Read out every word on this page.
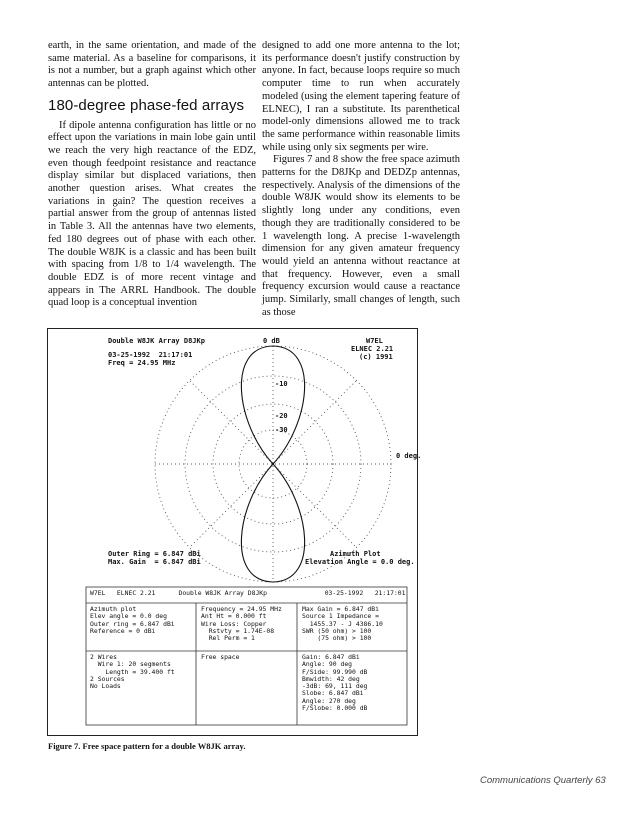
earth, in the same orientation, and made of the same material. As a baseline for comparisons, it is not a number, but a graph against which other antennas can be plotted.

180-degree phase-fed arrays

If dipole antenna configuration has little or no effect upon the variations in main lobe gain until we reach the very high reactance of the EDZ, even though feedpoint resistance and reactance display similar but displaced variations, then another question arises. What creates the variations in gain? The question receives a partial answer from the group of antennas listed in Table 3. All the antennas have two elements, fed 180 degrees out of phase with each other. The double W8JK is a classic and has been built with spacing from 1/8 to 1/4 wavelength. The double EDZ is of more recent vintage and appears in The ARRL Handbook. The double quad loop is a conceptual invention

designed to add one more antenna to the lot; its performance doesn't justify construction by anyone. In fact, because loops require so much computer time to run when accurately modeled (using the element tapering feature of ELNEC), I ran a substitute. Its parenthetical model-only dimensions allowed me to track the same performance within reasonable limits while using only six segments per wire.

Figures 7 and 8 show the free space azimuth patterns for the D8JKp and DEDZp antennas, respectively. Analysis of the dimensions of the double W8JK would show its elements to be slightly long under any conditions, even though they are traditionally considered to be 1 wavelength long. A precise 1-wavelength dimension for any given amateur frequency would yield an antenna without reactance at that frequency. However, even a small frequency excursion would cause a reactance jump. Similarly, small changes of length, such as those

Double W8JK Array D8JKp
03-25-1992  21:17:01
Freq = 24.95 MHz
W7EL
ELNEC 2.21
(c) 1991
0 dB
-10
-20
-30
0 deg.
Outer Ring = 6.847 dBi
Max. Gain  = 6.847 dBi
Azimuth Plot
Elevation Angle = 0.0 deg.
W7EL   ELNEC 2.21      Double W8JK Array D8JKp               03-25-1992   21:17:01
Azimuth plot
Elev angle = 0.0 deg
Outer ring = 6.847 dBi
Reference = 0 dBi
Frequency = 24.95 MHz
Ant Ht = 0.000 ft
Wire Loss: Copper
Rstvty = 1.74E-08
Rel Perm = 1
Max Gain = 6.847 dBi
Source 1 Impedance =
1455.37 - J 4386.10
SWR (50 ohm) > 100
(75 ohm) > 100
2 Wires
Wire 1: 20 segments
Length = 39.400 ft
2 Sources
No Loads
Free space	Gain: 6.847 dBi
Angle: 90 deg
F/Side: 99.990 dB
Bmwidth: 42 deg
-3dB: 69, 111 deg
Slobe: 6.847 dBi
Angle: 270 deg
F/Slobe: 0.000 dB
Figure 7. Free space pattern for a double W8JK array.
Communications Quarterly 63
